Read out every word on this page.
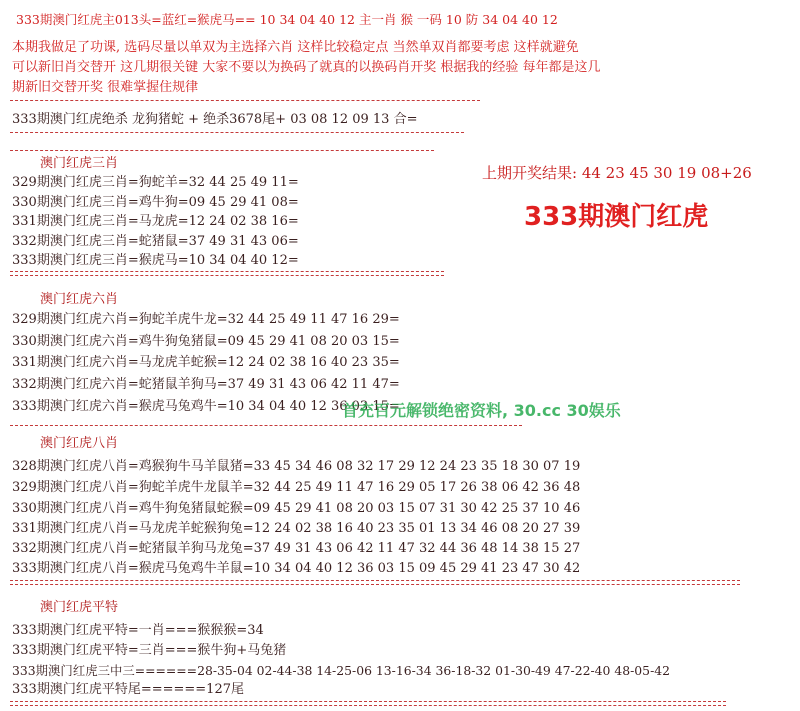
333期澳门红虎主013头=蓝红=猴虎马== 10 34 04 40 12 主一肖 猴 一码 10 防 34 04 40 12
本期我做足了功课, 选码尽量以单双为主选择六肖 这样比较稳定点 当然单双肖都要考虑 这样就避免
可以新旧肖交替开 这几期很关键 大家不要以为换码了就真的以换码肖开奖 根据我的经验 每年都是这几
期新旧交替开奖 很难掌握住规律
333期澳门红虎绝杀 龙狗猪蛇 + 绝杀3678尾+ 03 08 12 09 13 合=
澳门红虎三肖
329期澳门红虎三肖=狗蛇羊=32 44 25 49 11=
330期澳门红虎三肖=鸡牛狗=09 45 29 41 08=
331期澳门红虎三肖=马龙虎=12 24 02 38 16=
332期澳门红虎三肖=蛇猪鼠=37 49 31 43 06=
333期澳门红虎三肖=猴虎马=10 34 04 40 12=
上期开奖结果: 44 23 45 30 19 08+26
333期澳门红虎
澳门红虎六肖
329期澳门红虎六肖=狗蛇羊虎牛龙=32 44 25 49 11 47 16 29=
330期澳门红虎六肖=鸡牛狗兔猪鼠=09 45 29 41 08 20 03 15=
331期澳门红虎六肖=马龙虎羊蛇猴=12 24 02 38 16 40 23 35=
332期澳门红虎六肖=蛇猪鼠羊狗马=37 49 31 43 06 42 11 47=
333期澳门红虎六肖=猴虎马兔鸡牛=10 34 04 40 12 36 03 15=
首充百元解锁绝密资料, 30.cc 30娱乐
澳门红虎八肖
328期澳门红虎八肖=鸡猴狗牛马羊鼠猪=33 45 34 46 08 32 17 29 12 24 23 35 18 30 07 19
329期澳门红虎八肖=狗蛇羊虎牛龙鼠羊=32 44 25 49 11 47 16 29 05 17 26 38 06 42 36 48
330期澳门红虎八肖=鸡牛狗兔猪鼠蛇猴=09 45 29 41 08 20 03 15 07 31 30 42 25 37 10 46
331期澳门红虎八肖=马龙虎羊蛇猴狗兔=12 24 02 38 16 40 23 35 01 13 34 46 08 20 27 39
332期澳门红虎八肖=蛇猪鼠羊狗马龙兔=37 49 31 43 06 42 11 47 32 44 36 48 14 38 15 27
333期澳门红虎八肖=猴虎马兔鸡牛羊鼠=10 34 04 40 12 36 03 15 09 45 29 41 23 47 30 42
澳门红虎平特
333期澳门红虎平特=一肖===猴猴猴=34
333期澳门红虎平特=三肖===猴牛狗+马兔猪
333期澳门红虎三中三======28-35-04 02-44-38 14-25-06 13-16-34 36-18-32 01-30-49 47-22-40 48-05-42
333期澳门红虎平特尾======127尾
